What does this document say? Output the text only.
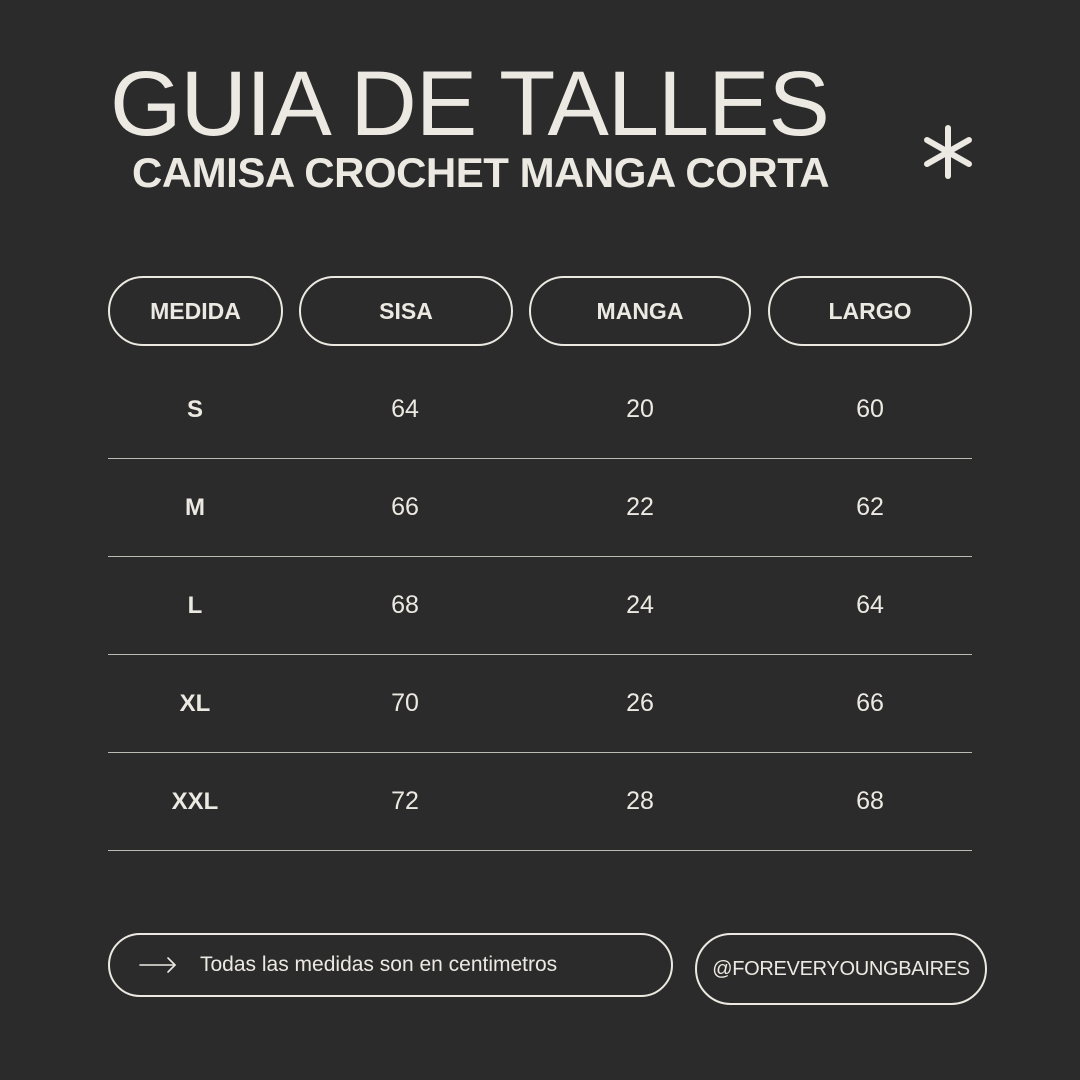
GUIA DE TALLES
CAMISA CROCHET MANGA CORTA
MEDIDA	SISA	MANGA	LARGO
S	64	20	60
M	66	22	62
L	68	24	64
XL	70	26	66
XXL	72	28	68
Todas las medidas son en centimetros	@FOREVERYOUNGBAIRES
